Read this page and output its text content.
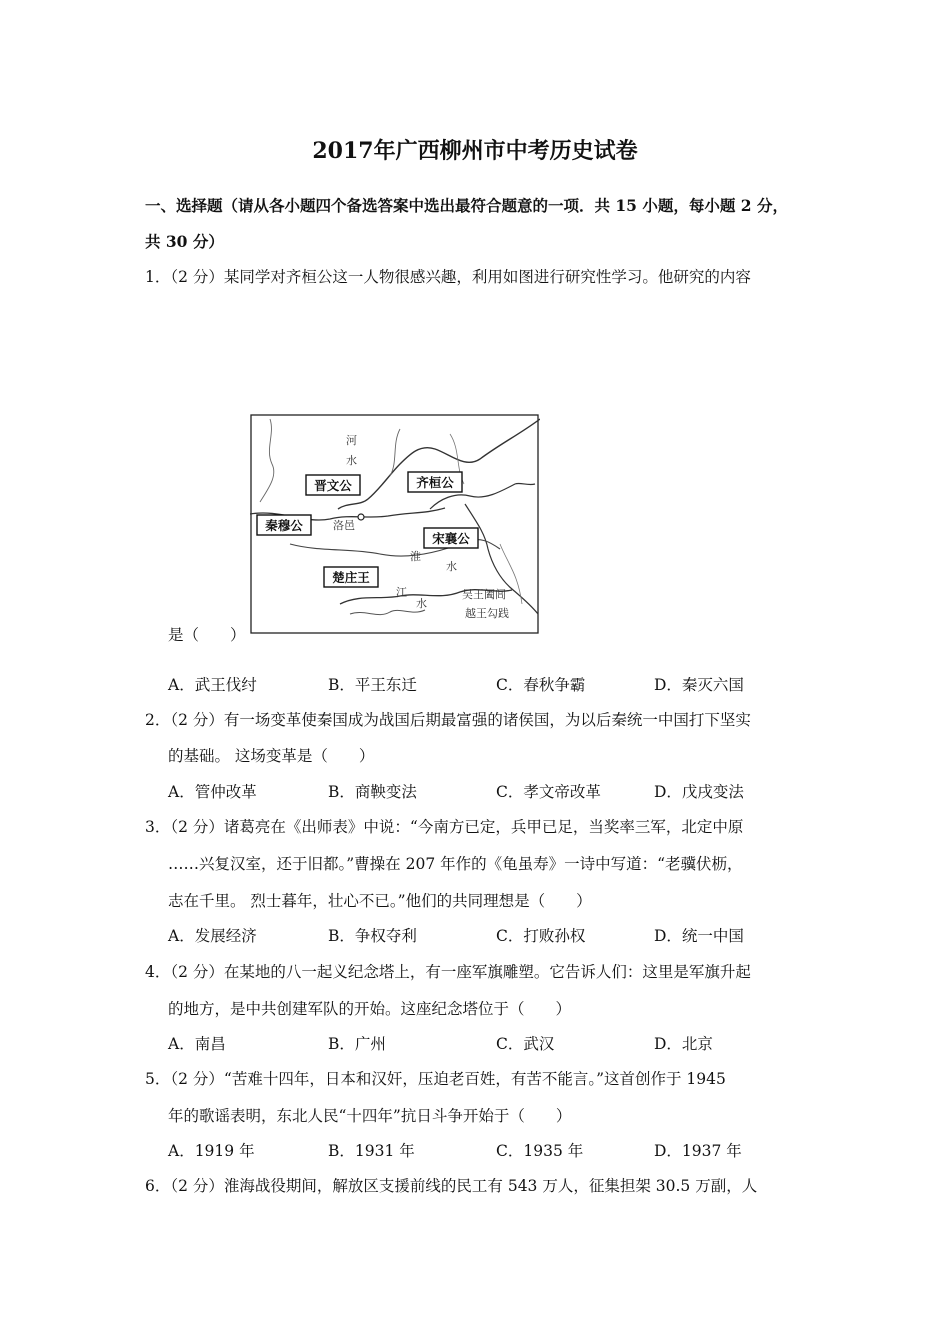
2017年广西柳州市中考历史试卷
一、选择题（请从各小题四个备选答案中选出最符合题意的一项．共 15 小题，每小题 2 分，
共 30 分）
1．（2 分）某同学对齐桓公这一人物很感兴趣，利用如图进行研究性学习。他研究的内容
晋文公	齐桓公
秦穆公
宋襄公
楚庄王
河
水
洛邑
淮
水
江
水
吴王阖闾
越王勾践
是（　　）
A．武王伐纣	B．平王东迁	C．春秋争霸	D．秦灭六国
2．（2 分）有一场变革使秦国成为战国后期最富强的诸侯国，为以后秦统一中国打下坚实
的基础。 这场变革是（　　）
A．管仲改革	B．商鞅变法	C．孝文帝改革	D．戊戌变法
3．（2 分）诸葛亮在《出师表》中说：“今南方已定，兵甲已足，当奖率三军，北定中原
……兴复汉室，还于旧都。”曹操在 207 年作的《龟虽寿》一诗中写道：“老骥伏枥，
志在千里。 烈士暮年，壮心不已。”他们的共同理想是（　　）
A．发展经济	B．争权夺利	C．打败孙权	D．统一中国
4．（2 分）在某地的八一起义纪念塔上，有一座军旗雕塑。它告诉人们：这里是军旗升起
的地方，是中共创建军队的开始。这座纪念塔位于（　　）
A．南昌	B．广州	C．武汉	D．北京
5．（2 分）“苦难十四年，日本和汉奸，压迫老百姓，有苦不能言。”这首创作于 1945
年的歌谣表明，东北人民“十四年”抗日斗争开始于（　　）
A．1919 年	B．1931 年	C．1935 年	D．1937 年
6．（2 分）淮海战役期间，解放区支援前线的民工有 543 万人，征集担架 30.5 万副，人
